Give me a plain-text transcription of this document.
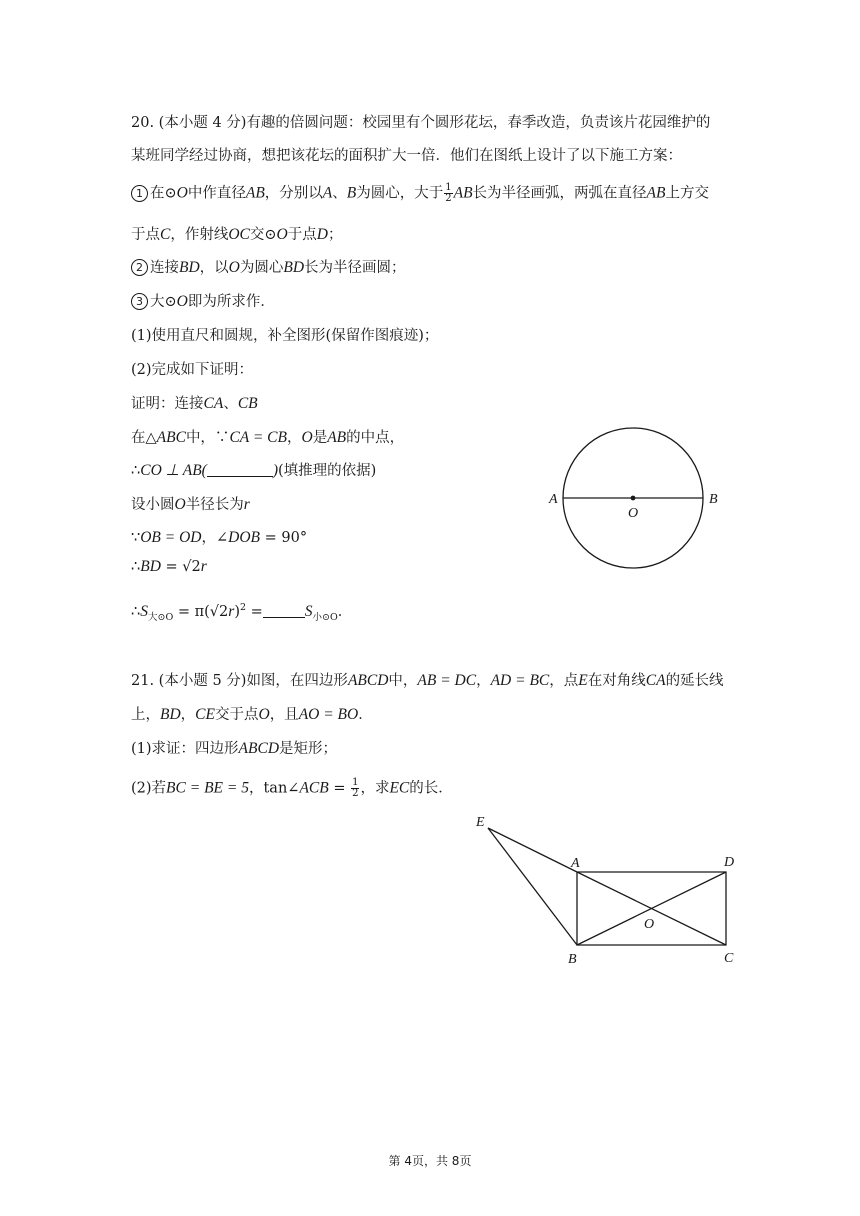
20. (本小题 4 分)有趣的倍圆问题：校园里有个圆形花坛，春季改造，负责该片花园维护的
某班同学经过协商，想把该花坛的面积扩大一倍．他们在图纸上设计了以下施工方案：
1 在⊙O中作直径AB，分别以A、B为圆心，大于 $\frac{1}{2}$ AB长为半径画弧，两弧在直径AB上方交
于点C，作射线OC交⊙O于点D；
2 连接BD，以O为圆心BD长为半径画圆；
3 大⊙O即为所求作．
(1)使用直尺和圆规，补全图形(保留作图痕迹)；
(2)完成如下证明：
证明：连接CA、CB
在△ABC中，∵CA = CB，O是AB的中点，
∴CO ⊥ AB(	)(填推理的依据)
设小圆O半径长为r
∵OB = OD，∠DOB = 90°
∴BD = √2r
$\therefore S_{大⊙O} = \pi(√2r)^2$ =	$S_{小⊙O}$．
A	B
O
21. (本小题 5 分)如图，在四边形ABCD中，AB = DC，AD = BC，点E在对角线CA的延长线
上，BD，CE交于点O，且AO = BO．
(1)求证：四边形ABCD是矩形；
(2)若BC = BE = 5，tan∠ACB = $\frac{1}{2}$ ，求EC的长．
E
A	D
O
B	C
第 4页，共 8页
